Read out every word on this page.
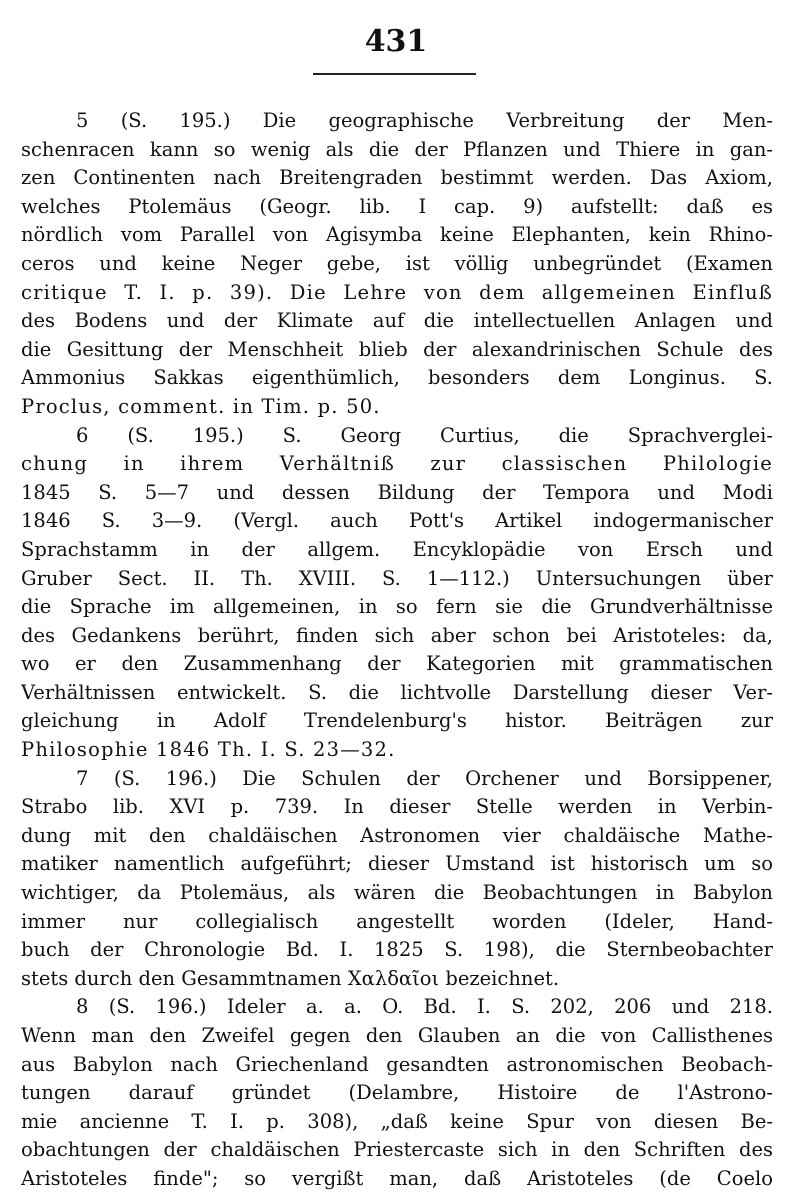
431
5 (S. 195.) Die geographische Verbreitung der Men-
schenracen kann so wenig als die der Pflanzen und Thiere in gan-
zen Continenten nach Breitengraden bestimmt werden. Das Axiom,
welches Ptolemäus (Geogr. lib. I cap. 9) aufstellt: daß es
nördlich vom Parallel von Agisymba keine Elephanten, kein Rhino-
ceros und keine Neger gebe, ist völlig unbegründet (Examen
critique T. I. p. 39). Die Lehre von dem allgemeinen Einfluß
des Bodens und der Klimate auf die intellectuellen Anlagen und
die Gesittung der Menschheit blieb der alexandrinischen Schule des
Ammonius Sakkas eigenthümlich, besonders dem Longinus. S.
Proclus, comment. in Tim. p. 50.
6 (S. 195.) S. Georg Curtius, die Sprachverglei-
chung in ihrem Verhältniß zur classischen Philologie
1845 S. 5—7 und dessen Bildung der Tempora und Modi
1846 S. 3—9. (Vergl. auch Pott's Artikel indogermanischer
Sprachstamm in der allgem. Encyklopädie von Ersch und
Gruber Sect. II. Th. XVIII. S. 1—112.) Untersuchungen über
die Sprache im allgemeinen, in so fern sie die Grundverhältnisse
des Gedankens berührt, finden sich aber schon bei Aristoteles: da,
wo er den Zusammenhang der Kategorien mit grammatischen
Verhältnissen entwickelt. S. die lichtvolle Darstellung dieser Ver-
gleichung in Adolf Trendelenburg's histor. Beiträgen zur
Philosophie 1846 Th. I. S. 23—32.
7 (S. 196.) Die Schulen der Orchener und Borsippener,
Strabo lib. XVI p. 739. In dieser Stelle werden in Verbin-
dung mit den chaldäischen Astronomen vier chaldäische Mathe-
matiker namentlich aufgeführt; dieser Umstand ist historisch um so
wichtiger, da Ptolemäus, als wären die Beobachtungen in Babylon
immer nur collegialisch angestellt worden (Ideler, Hand-
buch der Chronologie Bd. I. 1825 S. 198), die Sternbeobachter
stets durch den Gesammtnamen Χαλδαῖοι bezeichnet.
8 (S. 196.) Ideler a. a. O. Bd. I. S. 202, 206 und 218.
Wenn man den Zweifel gegen den Glauben an die von Callisthenes
aus Babylon nach Griechenland gesandten astronomischen Beobach-
tungen darauf gründet (Delambre, Histoire de l'Astrono-
mie ancienne T. I. p. 308), „daß keine Spur von diesen Be-
obachtungen der chaldäischen Priestercaste sich in den Schriften des
Aristoteles finde"; so vergißt man, daß Aristoteles (de Coelo
